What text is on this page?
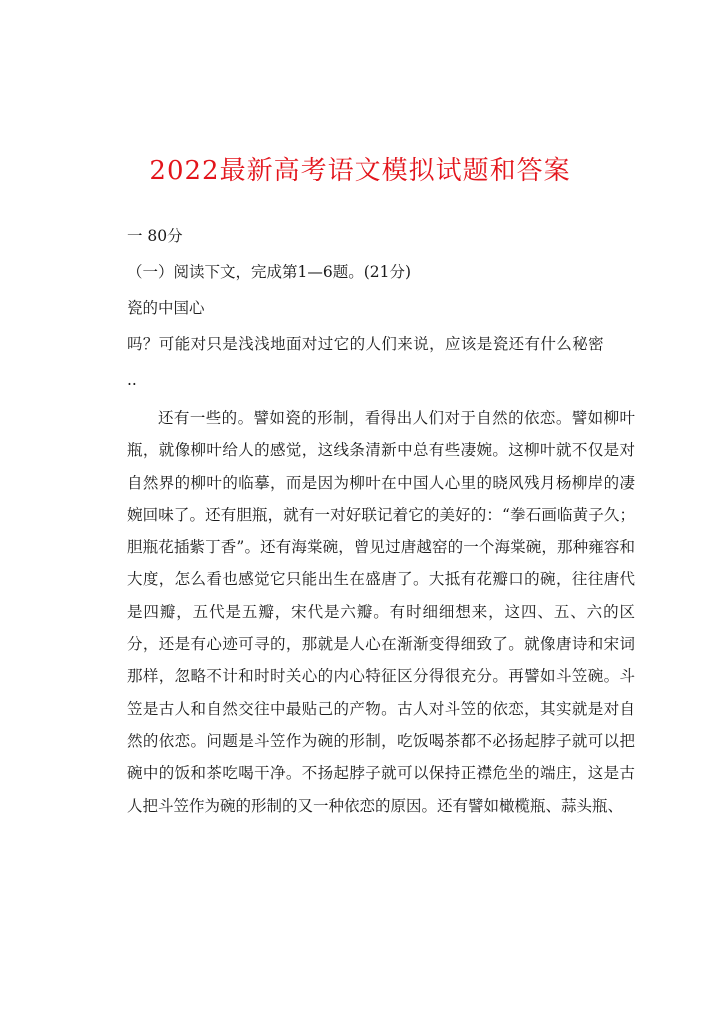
2022最新高考语文模拟试题和答案

一 80分

（一）阅读下文，完成第1—6题。(21分)

瓷的中国心

吗？可能对只是浅浅地面对过它的人们来说，应该是瓷还有什么秘密

..

还有一些的。譬如瓷的形制，看得出人们对于自然的依恋。譬如柳叶瓶，就像柳叶给人的感觉，这线条清新中总有些凄婉。这柳叶就不仅是对自然界的柳叶的临摹，而是因为柳叶在中国人心里的晓风残月杨柳岸的凄婉回味了。还有胆瓶，就有一对好联记着它的美好的：“拳石画临黄子久；胆瓶花插紫丁香”。还有海棠碗，曾见过唐越窑的一个海棠碗，那种雍容和大度，怎么看也感觉它只能出生在盛唐了。大抵有花瓣口的碗，往往唐代是四瓣，五代是五瓣，宋代是六瓣。有时细细想来，这四、五、六的区分，还是有心迹可寻的，那就是人心在渐渐变得细致了。就像唐诗和宋词那样，忽略不计和时时关心的内心特征区分得很充分。再譬如斗笠碗。斗笠是古人和自然交往中最贴己的产物。古人对斗笠的依恋，其实就是对自然的依恋。问题是斗笠作为碗的形制，吃饭喝茶都不必扬起脖子就可以把碗中的饭和茶吃喝干净。不扬起脖子就可以保持正襟危坐的端庄，这是古人把斗笠作为碗的形制的又一种依恋的原因。还有譬如橄榄瓶、蒜头瓶、
